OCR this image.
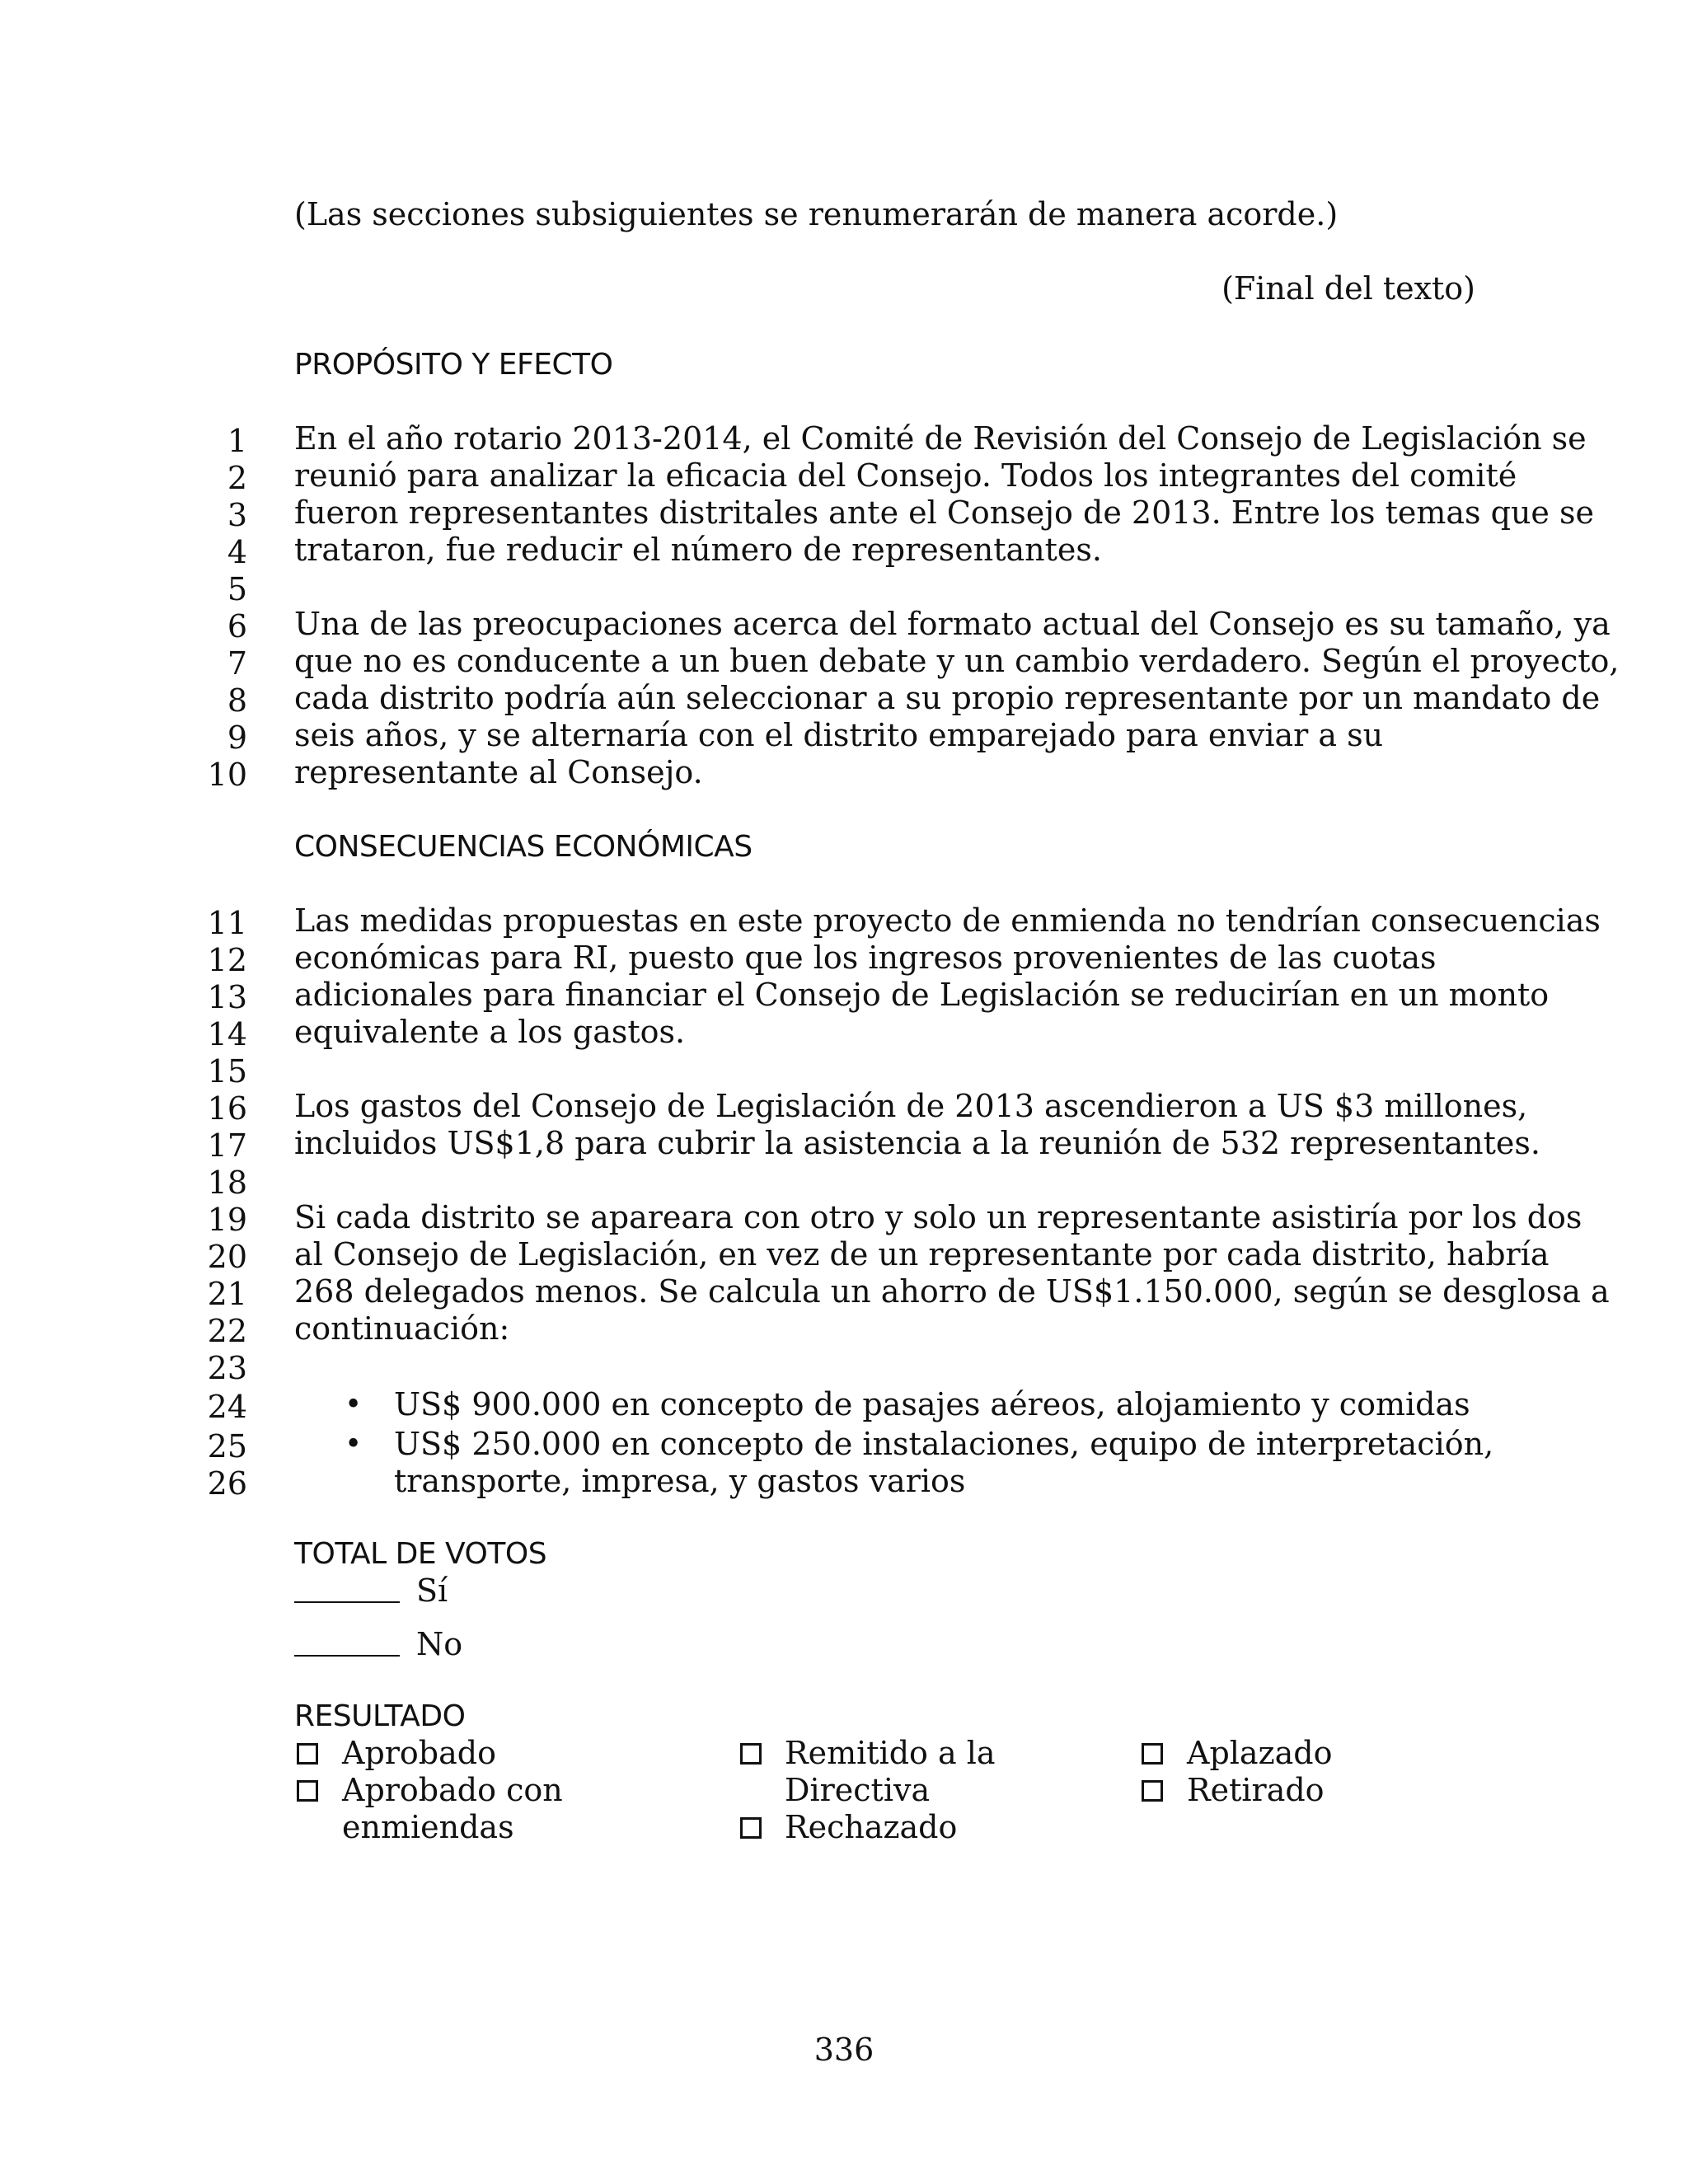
(Las secciones subsiguientes se renumerarán de manera acorde.)
(Final del texto)
PROPÓSITO Y EFECTO
1 En el año rotario 2013-2014, el Comité de Revisión del Consejo de Legislación se
2 reunió para analizar la eficacia del Consejo. Todos los integrantes del comité
3 fueron representantes distritales ante el Consejo de 2013. Entre los temas que se
4 trataron, fue reducir el número de representantes.
5
6 Una de las preocupaciones acerca del formato actual del Consejo es su tamaño, ya
7 que no es conducente a un buen debate y un cambio verdadero. Según el proyecto,
8 cada distrito podría aún seleccionar a su propio representante por un mandato de
9 seis años, y se alternaría con el distrito emparejado para enviar a su
10 representante al Consejo.
CONSECUENCIAS ECONÓMICAS
11 Las medidas propuestas en este proyecto de enmienda no tendrían consecuencias
12 económicas para RI, puesto que los ingresos provenientes de las cuotas
13 adicionales para financiar el Consejo de Legislación se reducirían en un monto
14 equivalente a los gastos.
15
16 Los gastos del Consejo de Legislación de 2013 ascendieron a US $3 millones,
17 incluidos US$1,8 para cubrir la asistencia a la reunión de 532 representantes.
18
19 Si cada distrito se apareara con otro y solo un representante asistiría por los dos
20 al Consejo de Legislación, en vez de un representante por cada distrito, habría
21 268 delegados menos. Se calcula un ahorro de US$1.150.000, según se desglosa a
22 continuación:
23
24	• US$ 900.000 en concepto de pasajes aéreos, alojamiento y comidas
25	• US$ 250.000 en concepto de instalaciones, equipo de interpretación,
26	transporte, impresa, y gastos varios
TOTAL DE VOTOS
Sí
No
RESULTADO
Aprobado
Aprobado con
enmiendas
Remitido a la
Directiva
Rechazado
Aplazado
Retirado
336
